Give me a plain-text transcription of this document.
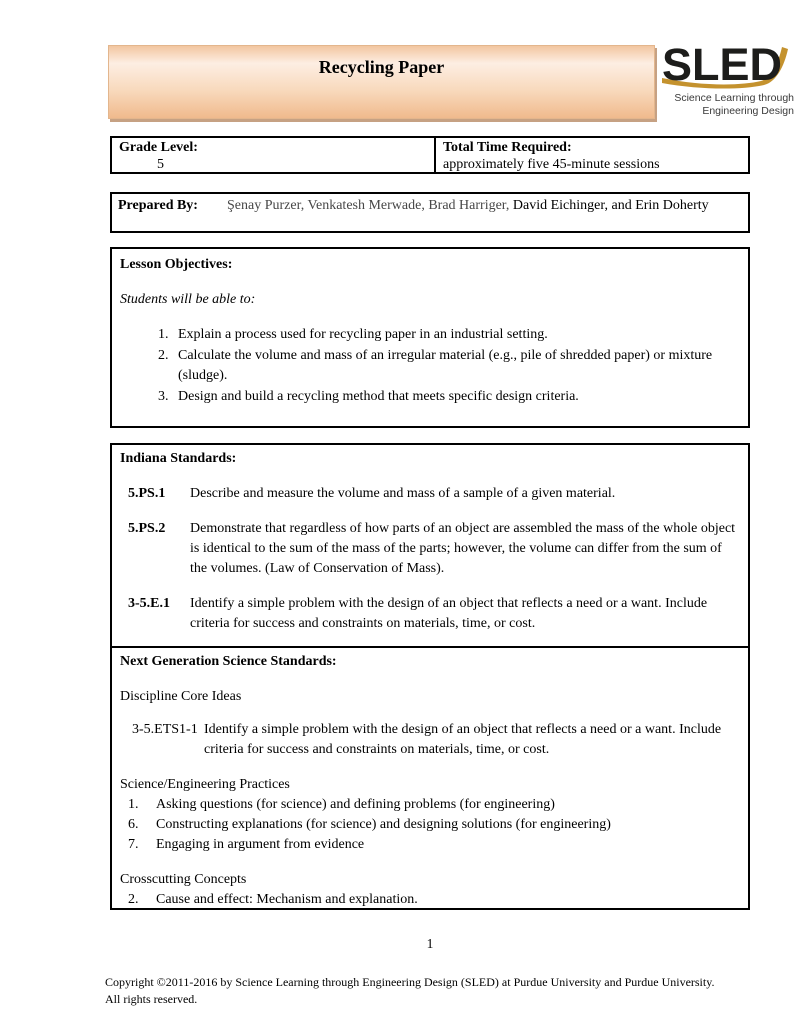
Recycling Paper	SLED
Science Learning through
Engineering Design
Grade Level:
5
Total Time Required:
approximately five 45-minute sessions
Prepared By:	Şenay Purzer, Venkatesh Merwade, Brad Harriger, David Eichinger, and Erin Doherty
Lesson Objectives:
Students will be able to:
1. Explain a process used for recycling paper in an industrial setting.
2. Calculate the volume and mass of an irregular material (e.g., pile of shredded paper) or mixture (sludge).
3. Design and build a recycling method that meets specific design criteria.
Indiana Standards:
5.PS.1	Describe and measure the volume and mass of a sample of a given material.
5.PS.2	Demonstrate that regardless of how parts of an object are assembled the mass of the whole object is identical to the sum of the mass of the parts; however, the volume can differ from the sum of the volumes. (Law of Conservation of Mass).
3-5.E.1	Identify a simple problem with the design of an object that reflects a need or a want. Include criteria for success and constraints on materials, time, or cost.
Next Generation Science Standards:
Discipline Core Ideas
3-5.ETS1-1 Identify a simple problem with the design of an object that reflects a need or a want. Include criteria for success and constraints on materials, time, or cost.
Science/Engineering Practices
1.	Asking questions (for science) and defining problems (for engineering)
6.	Constructing explanations (for science) and designing solutions (for engineering)
7.	Engaging in argument from evidence
Crosscutting Concepts
2.	Cause and effect: Mechanism and explanation.
1
Copyright ©2011-2016 by Science Learning through Engineering Design (SLED) at Purdue University and Purdue University.
All rights reserved.
